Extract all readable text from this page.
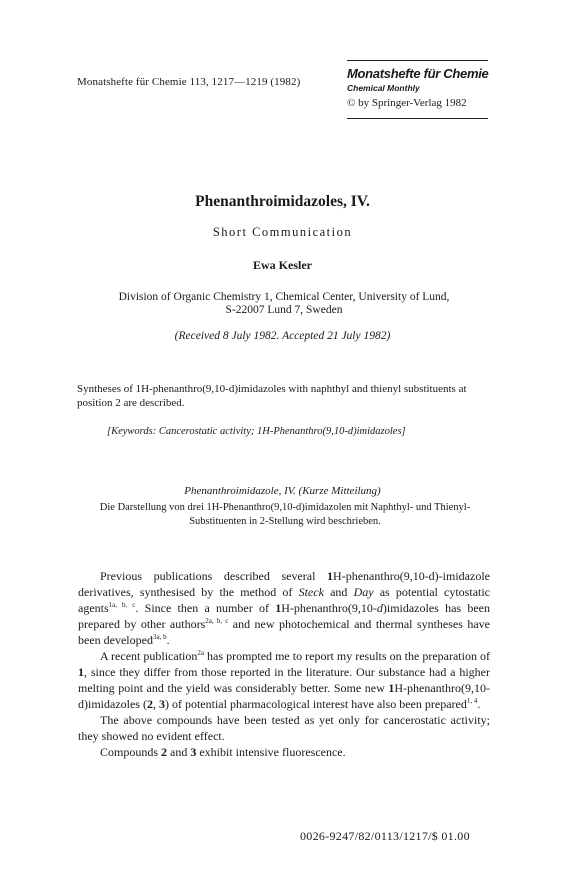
Monatshefte für Chemie 113, 1217—1219 (1982)
Monatshefte für Chemie
Chemical Monthly
© by Springer-Verlag 1982
Phenanthroimidazoles, IV.
Short Communication
Ewa Kesler
Division of Organic Chemistry 1, Chemical Center, University of Lund,
S-22007 Lund 7, Sweden
(Received 8 July 1982. Accepted 21 July 1982)
Syntheses of 1H-phenanthro(9,10-d)imidazoles with naphthyl and thienyl substituents at position 2 are described.
[Keywords: Cancerostatic activity; 1H-Phenanthro(9,10-d)imidazoles]
Phenanthroimidazole, IV. (Kurze Mitteilung)
Die Darstellung von drei 1H-Phenanthro(9,10-d)imidazolen mit Naphthyl- und Thienyl-Substituenten in 2-Stellung wird beschrieben.

Previous publications described several 1H-phenanthro(9,10-d)-imidazole derivatives, synthesised by the method of Steck and Day as potential cytostatic agents$^{1a, b, c}$. Since then a number of 1H-phenanthro(9,10-d)imidazoles has been prepared by other authors$^{2a, b, c}$ and new photochemical and thermal syntheses have been developed$^{3a, b}$.

A recent publication$^{2a}$ has prompted me to report my results on the preparation of 1, since they differ from those reported in the literature. Our substance had a higher melting point and the yield was considerably better. Some new 1H-phenanthro(9,10-d)imidazoles (2, 3) of potential pharmacological interest have also been prepared$^{1, 4}$.

The above compounds have been tested as yet only for cancerostatic activity; they showed no evident effect.

Compounds 2 and 3 exhibit intensive fluorescence.

0026-9247/82/0113/1217/$ 01.00
